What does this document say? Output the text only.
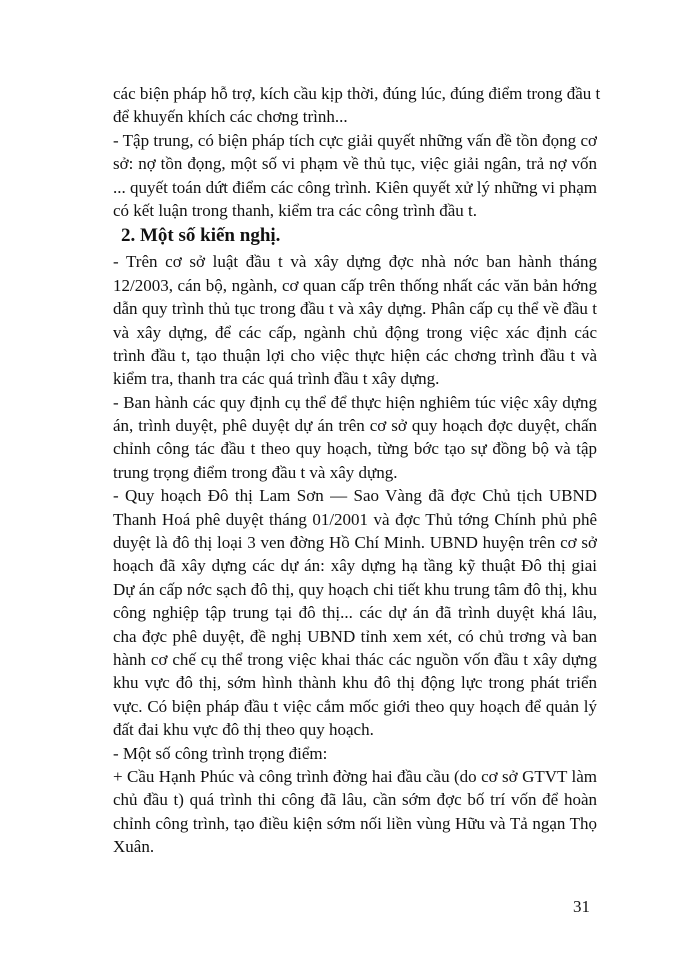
các biện pháp hỗ trợ, kích cầu kịp thời, đúng lúc, đúng điểm trong đầu t
để khuyến khích các chơng trình...
- Tập trung, có biện pháp tích cực giải quyết những vấn đề tồn đọng cơ
sở: nợ tồn đọng, một số vi phạm về thủ tục, việc giải ngân, trả nợ vốn
... quyết toán dứt điểm các công trình. Kiên quyết xử lý những vi phạm
có kết luận trong thanh, kiểm tra các công trình đầu t.
2. Một số kiến nghị.
- Trên cơ sở luật đầu t và xây dựng đợc nhà nớc ban hành tháng
12/2003, cán bộ, ngành, cơ quan cấp trên thống nhất các văn bản hớng
dẫn quy trình thủ tục trong đầu t và xây dựng. Phân cấp cụ thể về đầu t
và xây dựng, để các cấp, ngành chủ động trong việc xác định các
trình đầu t, tạo thuận lợi cho việc thực hiện các chơng trình đầu t và
kiểm tra, thanh tra các quá trình đầu t xây dựng.
- Ban hành các quy định cụ thể để thực hiện nghiêm túc việc xây dựng
án, trình duyệt, phê duyệt dự án trên cơ sở quy hoạch đợc duyệt, chấn
chỉnh công tác đầu t theo quy hoạch, từng bớc tạo sự đồng bộ và tập
trung trọng điểm trong đầu t và xây dựng.
- Quy hoạch Đô thị Lam Sơn — Sao Vàng đã đợc Chủ tịch UBND
Thanh Hoá phê duyệt tháng 01/2001 và đợc Thủ tớng Chính phủ phê
duyệt là đô thị loại 3 ven đờng Hồ Chí Minh. UBND huyện trên cơ sở
hoạch đã xây dựng các dự án: xây dựng hạ tầng kỹ thuật Đô thị giai
Dự án cấp nớc sạch đô thị, quy hoạch chi tiết khu trung tâm đô thị, khu
công nghiệp tập trung tại đô thị... các dự án đã trình duyệt khá lâu,
cha đợc phê duyệt, đề nghị UBND tỉnh xem xét, có chủ trơng và ban
hành cơ chế cụ thể trong việc khai thác các nguồn vốn đầu t xây dựng
khu vực đô thị, sớm hình thành khu đô thị động lực trong phát triển
vực. Có biện pháp đầu t việc cắm mốc giới theo quy hoạch để quản lý
đất đai khu vực đô thị theo quy hoạch.
- Một số công trình trọng điểm:
+ Cầu Hạnh Phúc và công trình đờng hai đầu cầu (do cơ sở GTVT làm
chủ đầu t) quá trình thi công đã lâu, cần sớm đợc bố trí vốn để hoàn
chỉnh công trình, tạo điều kiện sớm nối liền vùng Hữu và Tả ngạn Thọ
Xuân.
31
